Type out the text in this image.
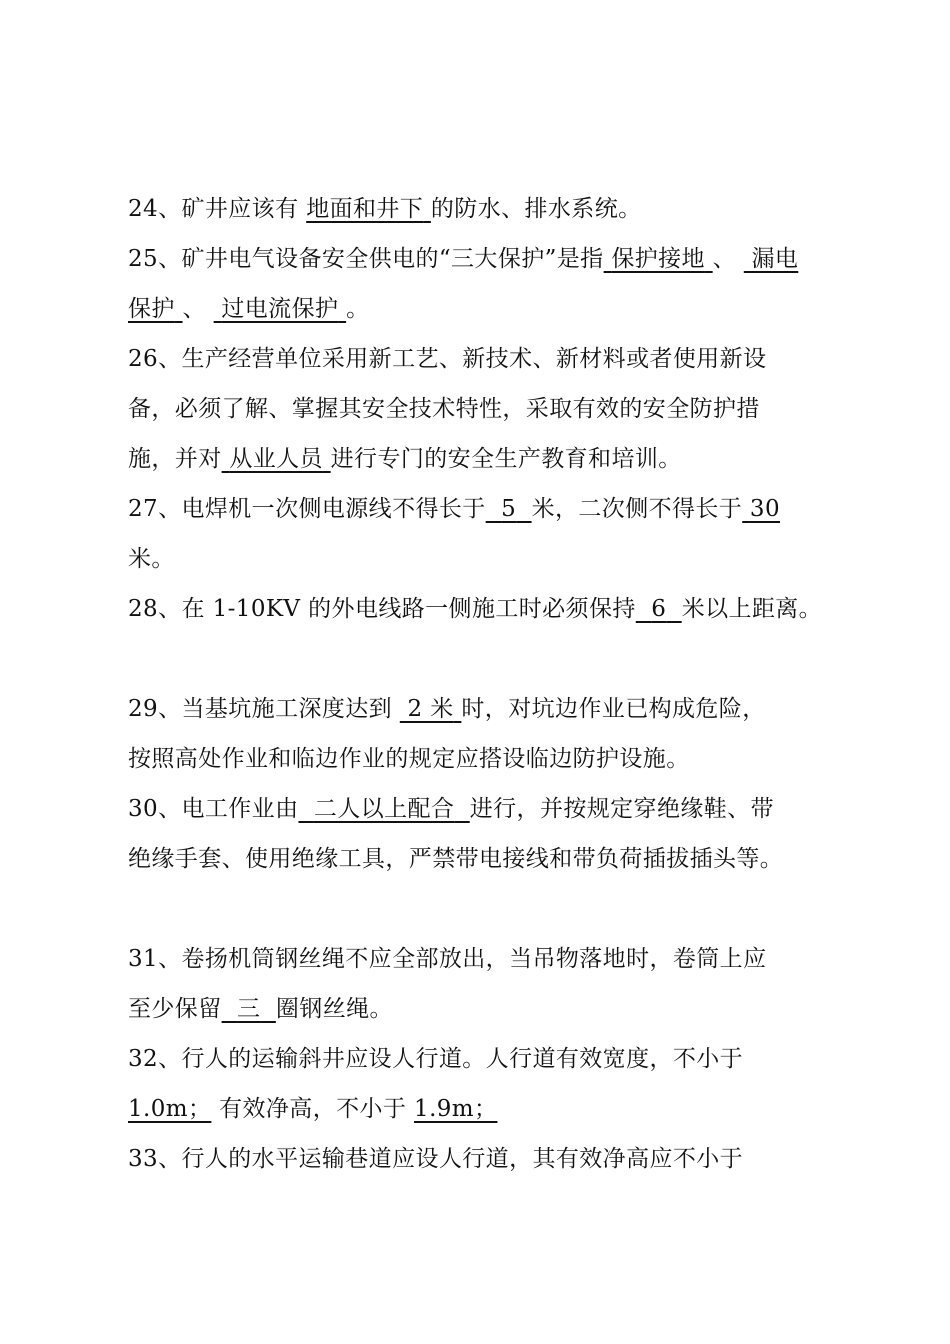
24、矿井应该有 地面和井下 的防水、排水系统。
25、矿井电气设备安全供电的“三大保护”是指 保护接地 、 漏电
保护 、 过电流保护 。
26、生产经营单位采用新工艺、新技术、新材料或者使用新设
备，必须了解、掌握其安全技术特性，采取有效的安全防护措
施，并对 从业人员 进行专门的安全生产教育和培训。
27、电焊机一次侧电源线不得长于 5 米，二次侧不得长于 30
米。
28、在 1-10KV 的外电线路一侧施工时必须保持 6 米以上距离。
29、当基坑施工深度达到 2 米 时，对坑边作业已构成危险，
按照高处作业和临边作业的规定应搭设临边防护设施。
30、电工作业由 二人以上配合 进行，并按规定穿绝缘鞋、带
绝缘手套、使用绝缘工具，严禁带电接线和带负荷插拔插头等。
31、卷扬机筒钢丝绳不应全部放出，当吊物落地时，卷筒上应
至少保留 三 圈钢丝绳。
32、行人的运输斜井应设人行道。人行道有效宽度，不小于
1.0m； 有效净高，不小于 1.9m；
33、行人的水平运输巷道应设人行道，其有效净高应不小于
